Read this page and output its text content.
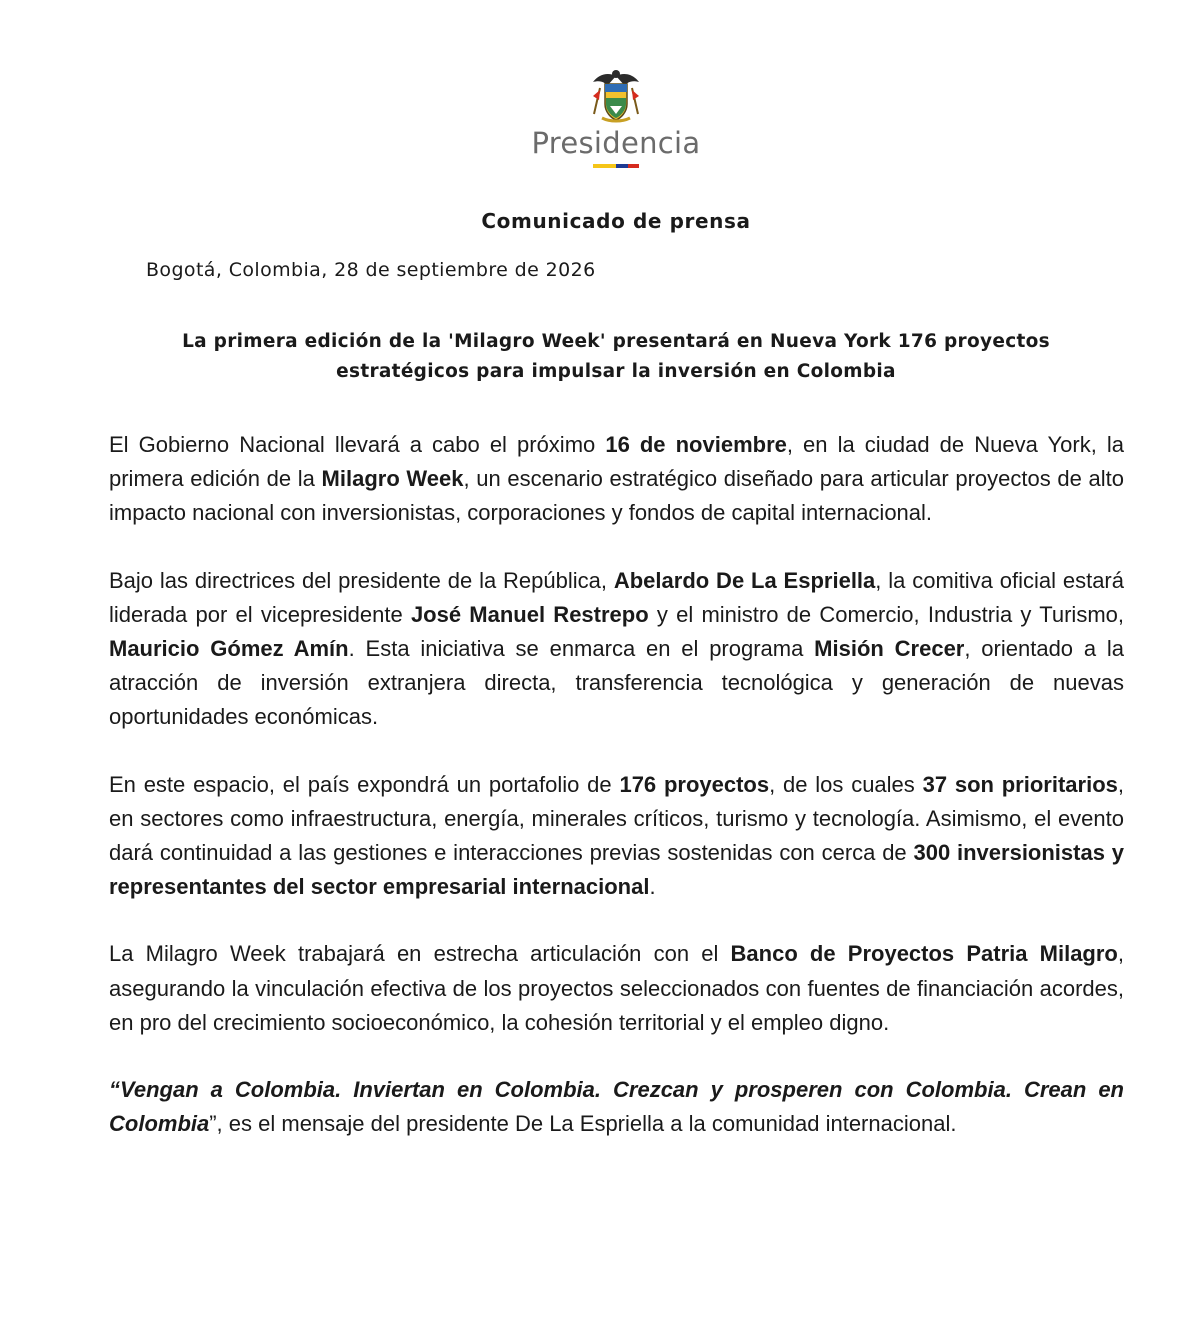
Presidencia
Comunicado de prensa
Bogotá, Colombia, 28 de septiembre de 2026
La primera edición de la 'Milagro Week' presentará en Nueva York 176 proyectos estratégicos para impulsar la inversión en Colombia

El Gobierno Nacional llevará a cabo el próximo 16 de noviembre, en la ciudad de Nueva York, la primera edición de la Milagro Week, un escenario estratégico diseñado para articular proyectos de alto impacto nacional con inversionistas, corporaciones y fondos de capital internacional.

Bajo las directrices del presidente de la República, Abelardo De La Espriella, la comitiva oficial estará liderada por el vicepresidente José Manuel Restrepo y el ministro de Comercio, Industria y Turismo, Mauricio Gómez Amín. Esta iniciativa se enmarca en el programa Misión Crecer, orientado a la atracción de inversión extranjera directa, transferencia tecnológica y generación de nuevas oportunidades económicas.

En este espacio, el país expondrá un portafolio de 176 proyectos, de los cuales 37 son prioritarios, en sectores como infraestructura, energía, minerales críticos, turismo y tecnología. Asimismo, el evento dará continuidad a las gestiones e interacciones previas sostenidas con cerca de 300 inversionistas y representantes del sector empresarial internacional.

La Milagro Week trabajará en estrecha articulación con el Banco de Proyectos Patria Milagro, asegurando la vinculación efectiva de los proyectos seleccionados con fuentes de financiación acordes, en pro del crecimiento socioeconómico, la cohesión territorial y el empleo digno.

“Vengan a Colombia. Inviertan en Colombia. Crezcan y prosperen con Colombia. Crean en Colombia”, es el mensaje del presidente De La Espriella a la comunidad internacional.
